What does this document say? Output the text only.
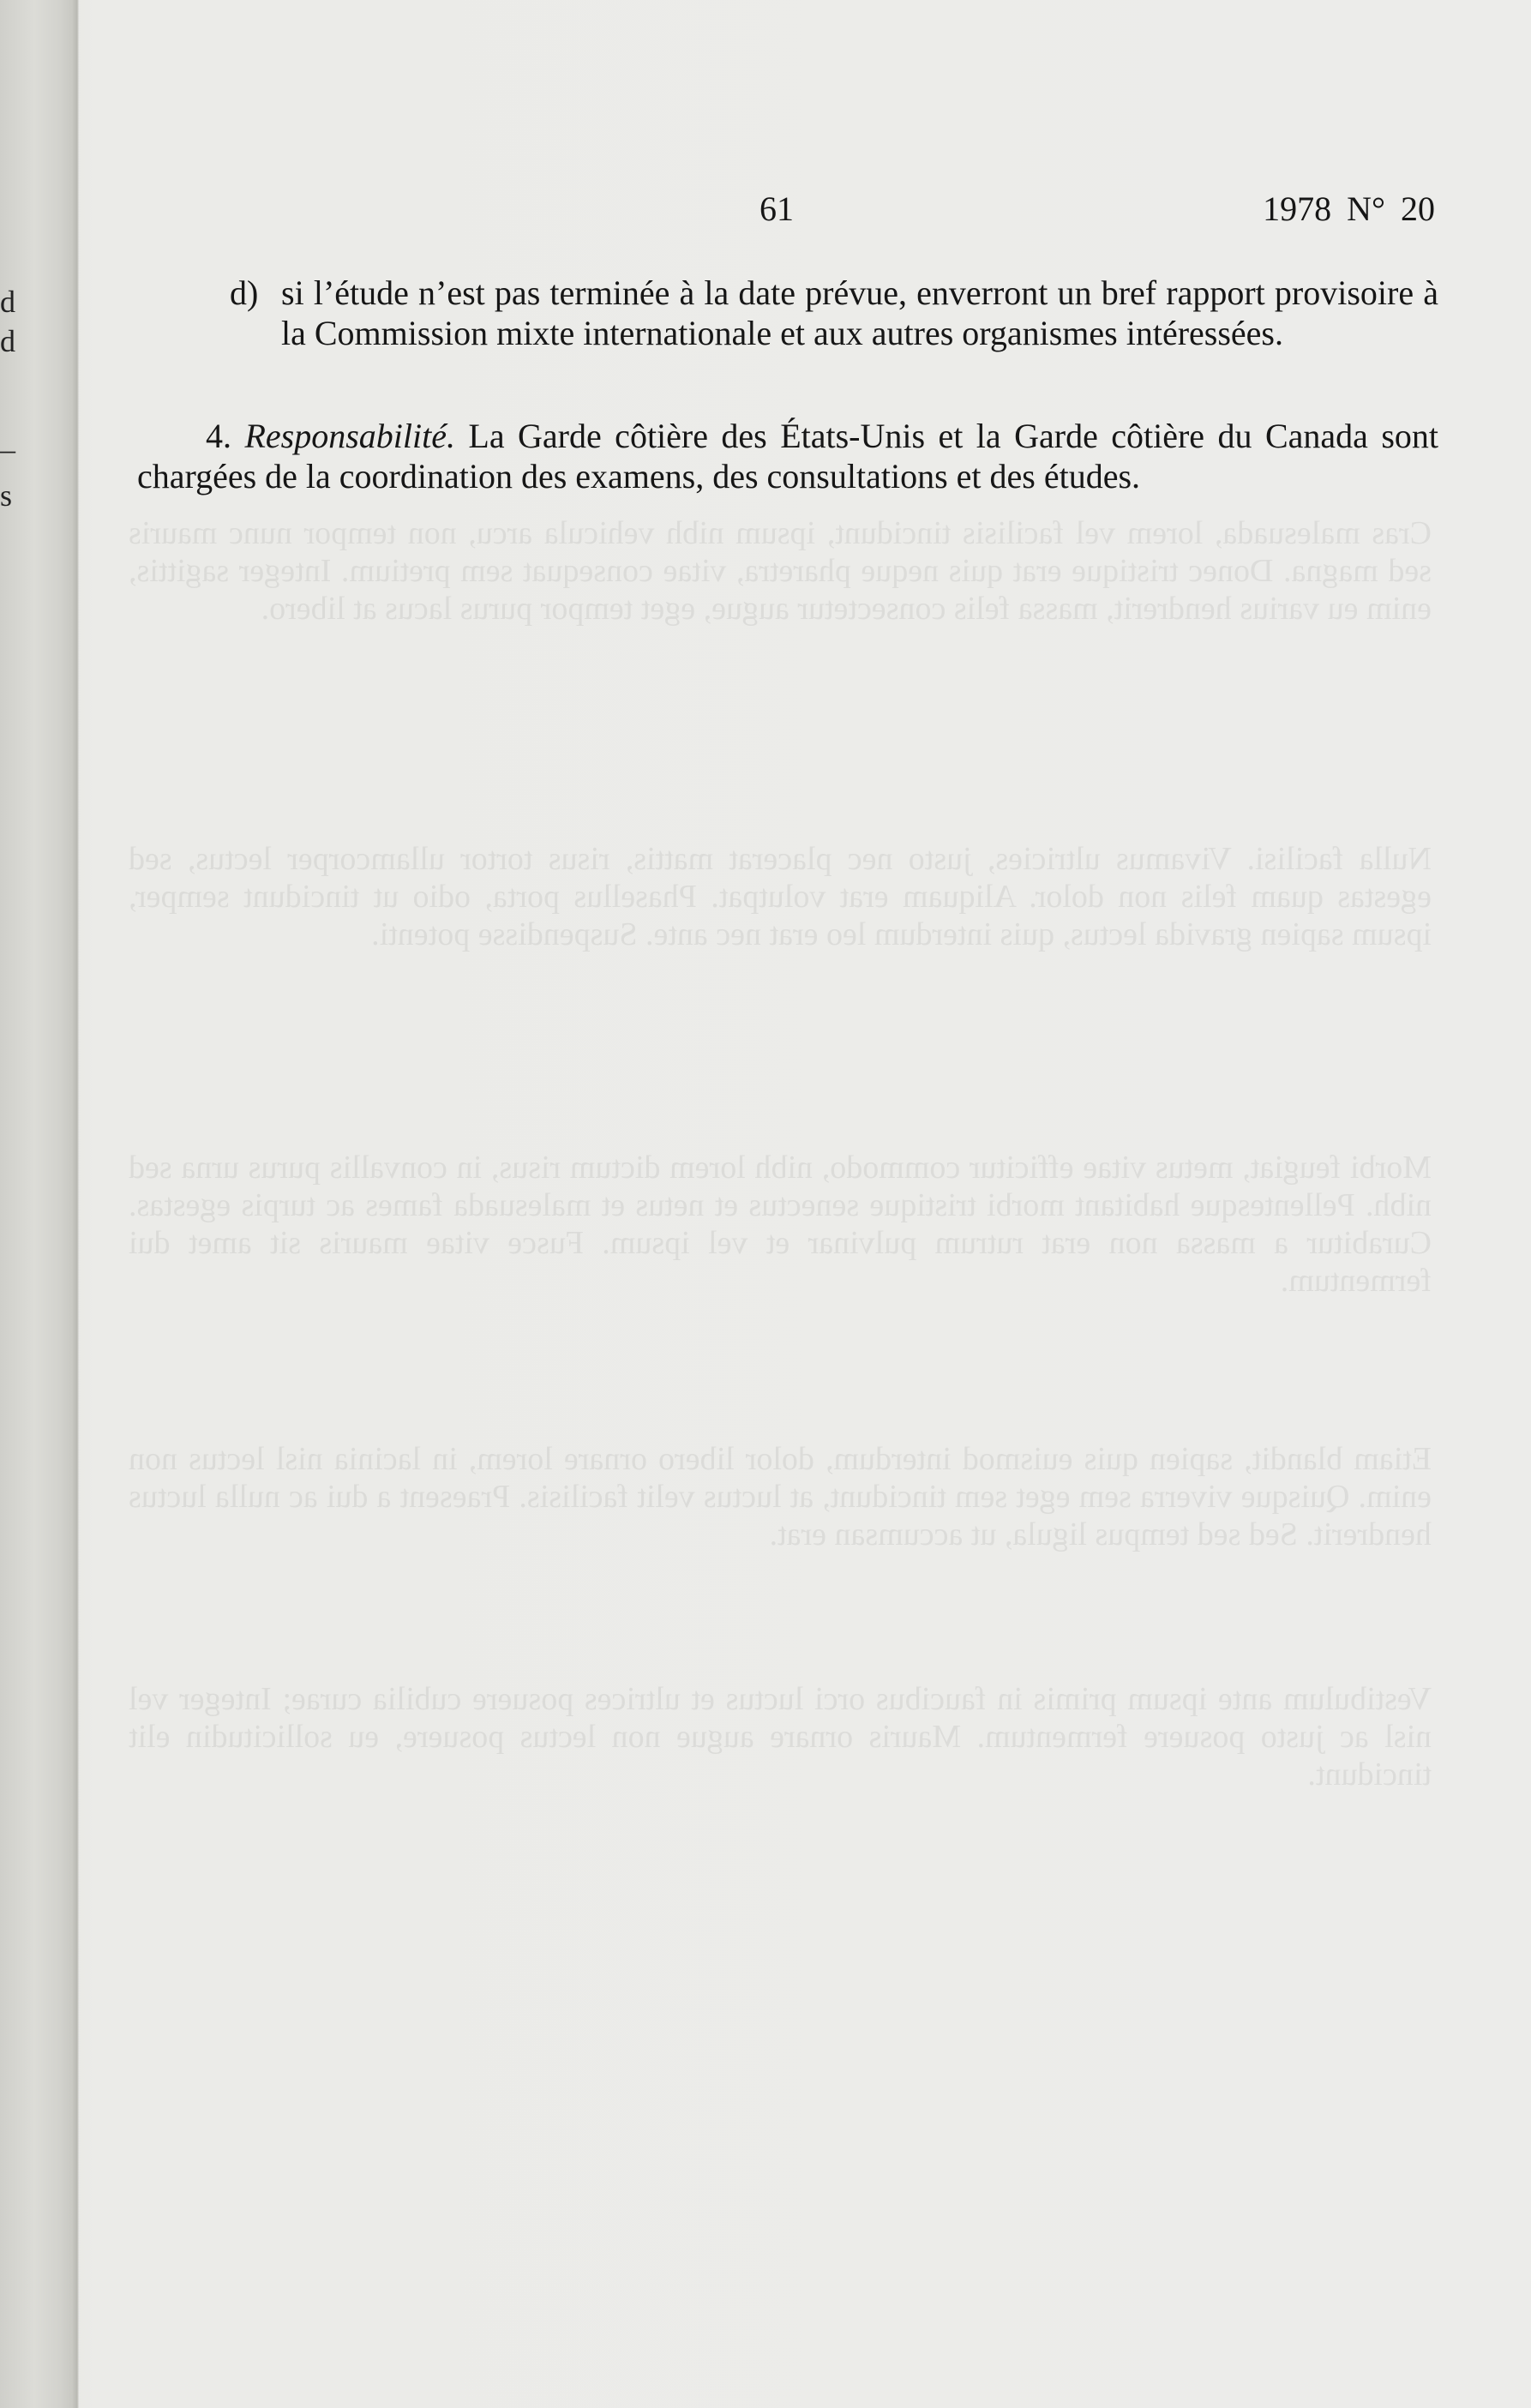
d
d
–
s
Cras malesuada, lorem vel facilisis tincidunt, ipsum nibh vehicula arcu, non tempor nunc mauris sed magna. Donec tristique erat quis neque pharetra, vitae consequat sem pretium. Integer sagittis, enim eu varius hendrerit, massa felis consectetur augue, eget tempor purus lacus at libero.
Nulla facilisi. Vivamus ultricies, justo nec placerat mattis, risus tortor ullamcorper lectus, sed egestas quam felis non dolor. Aliquam erat volutpat. Phasellus porta, odio ut tincidunt semper, ipsum sapien gravida lectus, quis interdum leo erat nec ante. Suspendisse potenti.
Morbi feugiat, metus vitae efficitur commodo, nibh lorem dictum risus, in convallis purus urna sed nibh. Pellentesque habitant morbi tristique senectus et netus et malesuada fames ac turpis egestas. Curabitur a massa non erat rutrum pulvinar et vel ipsum. Fusce vitae mauris sit amet dui fermentum.
Etiam blandit, sapien quis euismod interdum, dolor libero ornare lorem, in lacinia nisl lectus non enim. Quisque viverra sem eget sem tincidunt, at luctus velit facilisis. Praesent a dui ac nulla luctus hendrerit. Sed sed tempus ligula, ut accumsan erat.
Vestibulum ante ipsum primis in faucibus orci luctus et ultrices posuere cubilia curae; Integer vel nisl ac justo posuere fermentum. Mauris ornare augue non lectus posuere, eu sollicitudin elit tincidunt.
61	1978 N° 20
d) si l’étude n’est pas terminée à la date prévue, enverront un bref rapport provisoire à la Commission mixte internationale et aux autres organismes intéressées.
4. Responsabilité. La Garde côtière des États-Unis et la Garde côtière du Canada sont chargées de la coordination des examens, des consultations et des études.
